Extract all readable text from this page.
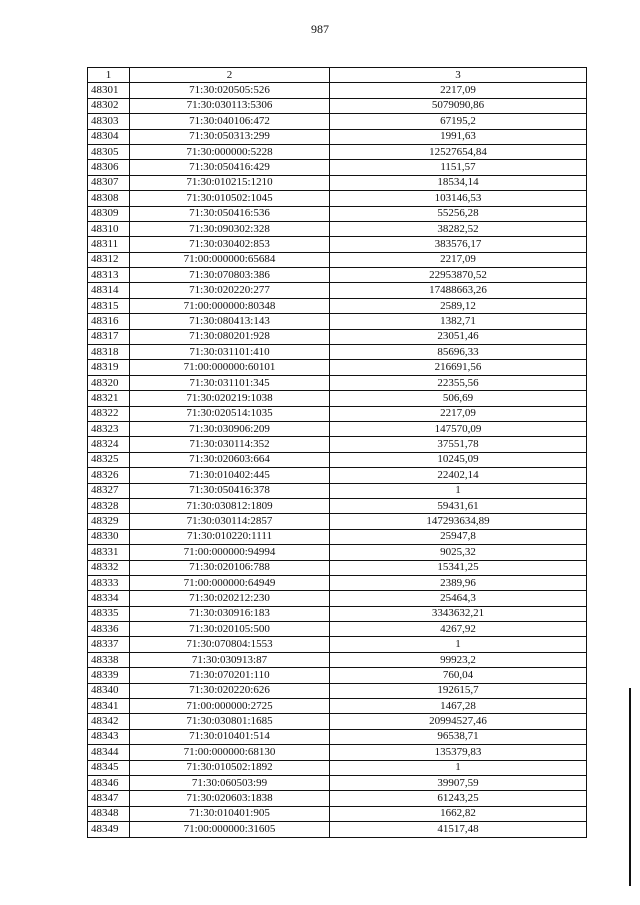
987
1	2	3
48301	71:30:020505:526	2217,09
48302	71:30:030113:5306	5079090,86
48303	71:30:040106:472	67195,2
48304	71:30:050313:299	1991,63
48305	71:30:000000:5228	12527654,84
48306	71:30:050416:429	1151,57
48307	71:30:010215:1210	18534,14
48308	71:30:010502:1045	103146,53
48309	71:30:050416:536	55256,28
48310	71:30:090302:328	38282,52
48311	71:30:030402:853	383576,17
48312	71:00:000000:65684	2217,09
48313	71:30:070803:386	22953870,52
48314	71:30:020220:277	17488663,26
48315	71:00:000000:80348	2589,12
48316	71:30:080413:143	1382,71
48317	71:30:080201:928	23051,46
48318	71:30:031101:410	85696,33
48319	71:00:000000:60101	216691,56
48320	71:30:031101:345	22355,56
48321	71:30:020219:1038	506,69
48322	71:30:020514:1035	2217,09
48323	71:30:030906:209	147570,09
48324	71:30:030114:352	37551,78
48325	71:30:020603:664	10245,09
48326	71:30:010402:445	22402,14
48327	71:30:050416:378	1
48328	71:30:030812:1809	59431,61
48329	71:30:030114:2857	147293634,89
48330	71:30:010220:1111	25947,8
48331	71:00:000000:94994	9025,32
48332	71:30:020106:788	15341,25
48333	71:00:000000:64949	2389,96
48334	71:30:020212:230	25464,3
48335	71:30:030916:183	3343632,21
48336	71:30:020105:500	4267,92
48337	71:30:070804:1553	1
48338	71:30:030913:87	99923,2
48339	71:30:070201:110	760,04
48340	71:30:020220:626	192615,7
48341	71:00:000000:2725	1467,28
48342	71:30:030801:1685	20994527,46
48343	71:30:010401:514	96538,71
48344	71:00:000000:68130	135379,83
48345	71:30:010502:1892	1
48346	71:30:060503:99	39907,59
48347	71:30:020603:1838	61243,25
48348	71:30:010401:905	1662,82
48349	71:00:000000:31605	41517,48
